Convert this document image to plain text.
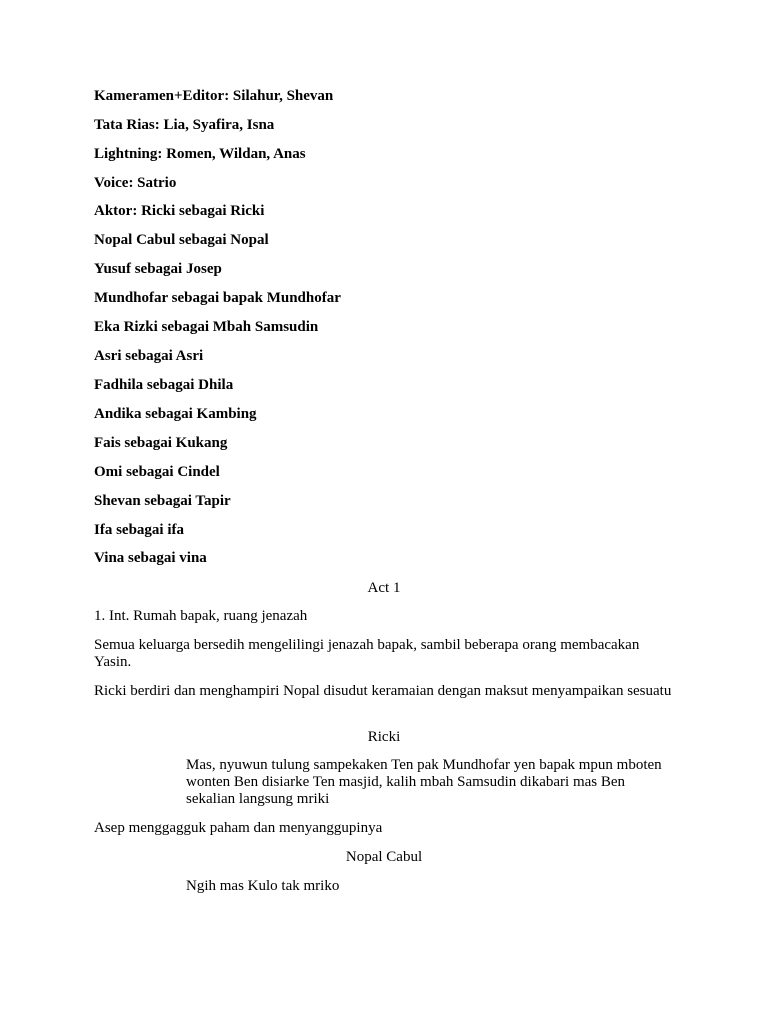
Kameramen+Editor: Silahur, Shevan
Tata Rias: Lia, Syafira, Isna
Lightning: Romen, Wildan, Anas
Voice: Satrio
Aktor: Ricki sebagai Ricki
Nopal Cabul sebagai Nopal
Yusuf sebagai Josep
Mundhofar sebagai bapak Mundhofar
Eka Rizki sebagai Mbah Samsudin
Asri sebagai Asri
Fadhila sebagai Dhila
Andika sebagai Kambing
Fais sebagai Kukang
Omi sebagai Cindel
Shevan sebagai Tapir
Ifa sebagai ifa
Vina sebagai vina
Act 1
1. Int. Rumah bapak, ruang jenazah
Semua keluarga bersedih mengelilingi jenazah bapak, sambil beberapa orang membacakan Yasin.
Ricki berdiri dan menghampiri Nopal disudut keramaian dengan maksut menyampaikan sesuatu
Ricki
Mas, nyuwun tulung sampekaken Ten pak Mundhofar yen bapak mpun mboten wonten Ben disiarke Ten masjid, kalih mbah Samsudin dikabari mas Ben sekalian langsung mriki
Asep menggagguk paham dan menyanggupinya
Nopal Cabul
Ngih mas Kulo tak mriko
